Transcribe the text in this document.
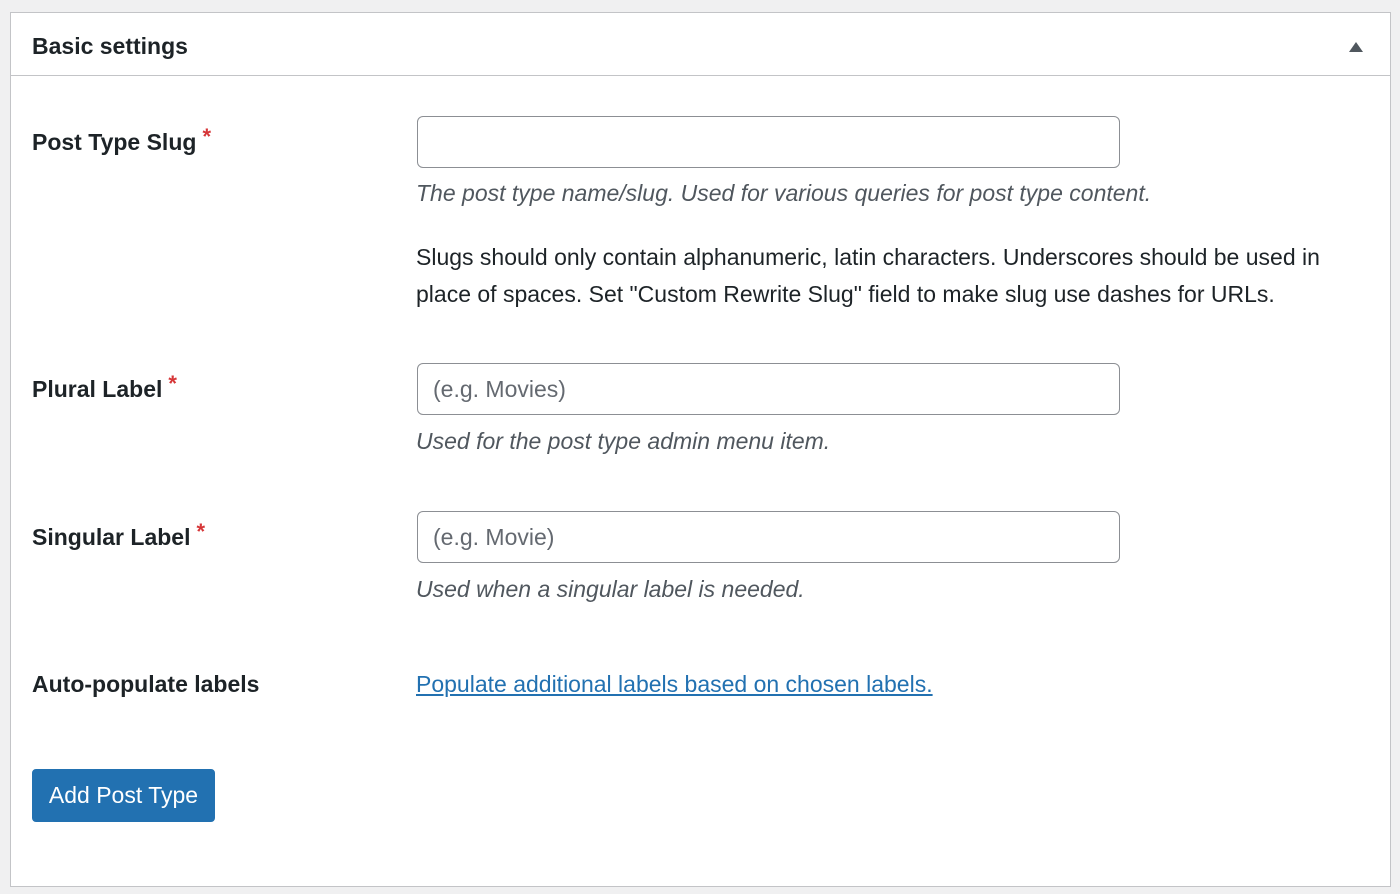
Basic settings
Post Type Slug *
The post type name/slug. Used for various queries for post type content.

Slugs should only contain alphanumeric, latin characters. Underscores should be used in place of spaces. Set "Custom Rewrite Slug" field to make slug use dashes for URLs.

Plural Label *
(e.g. Movies)
Used for the post type admin menu item.
Singular Label *
(e.g. Movie)
Used when a singular label is needed.
Auto-populate labels	Populate additional labels based on chosen labels.
Add Post Type
